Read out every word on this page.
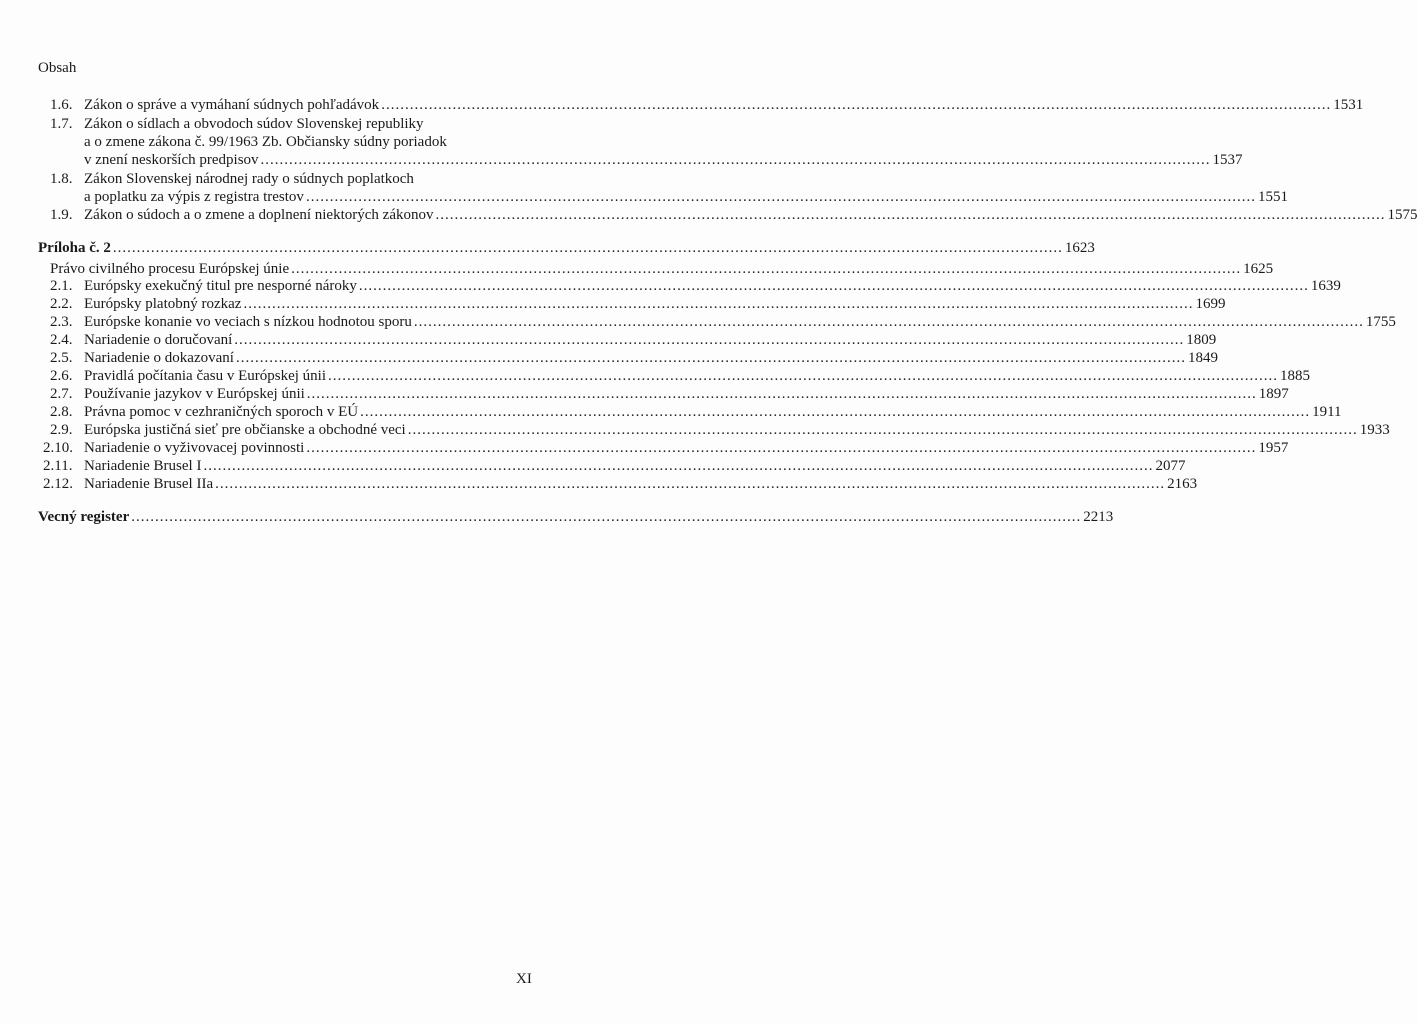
Obsah
1.6. Zákon o správe a vymáhaní súdnych pohľadávok ........................................................................................................................................................................................................ 1531
1.7. Zákon o sídlach a obvodoch súdov Slovenskej republiky
a o zmene zákona č. 99/1963 Zb. Občiansky súdny poriadok
v znení neskorších predpisov ........................................................................................................................................................................................................ 1537
1.8. Zákon Slovenskej národnej rady o súdnych poplatkoch
a poplatku za výpis z registra trestov ........................................................................................................................................................................................................ 1551
1.9. Zákon o súdoch a o zmene a doplnení niektorých zákonov ........................................................................................................................................................................................................ 1575
Príloha č. 2 ........................................................................................................................................................................................................ 1623
Právo civilného procesu Európskej únie ........................................................................................................................................................................................................ 1625
2.1. Európsky exekučný titul pre nesporné nároky ........................................................................................................................................................................................................ 1639
2.2. Európsky platobný rozkaz ........................................................................................................................................................................................................ 1699
2.3. Európske konanie vo veciach s nízkou hodnotou sporu ........................................................................................................................................................................................................ 1755
2.4. Nariadenie o doručovaní ........................................................................................................................................................................................................ 1809
2.5. Nariadenie o dokazovaní ........................................................................................................................................................................................................ 1849
2.6. Pravidlá počítania času v Európskej únii ........................................................................................................................................................................................................ 1885
2.7. Používanie jazykov v Európskej únii ........................................................................................................................................................................................................ 1897
2.8. Právna pomoc v cezhraničných sporoch v EÚ ........................................................................................................................................................................................................ 1911
2.9. Európska justičná sieť pre občianske a obchodné veci ........................................................................................................................................................................................................ 1933
2.10. Nariadenie o vyživovacej povinnosti ........................................................................................................................................................................................................ 1957
2.11. Nariadenie Brusel I ........................................................................................................................................................................................................ 2077
2.12. Nariadenie Brusel IIa ........................................................................................................................................................................................................ 2163
Vecný register ........................................................................................................................................................................................................ 2213
XI
